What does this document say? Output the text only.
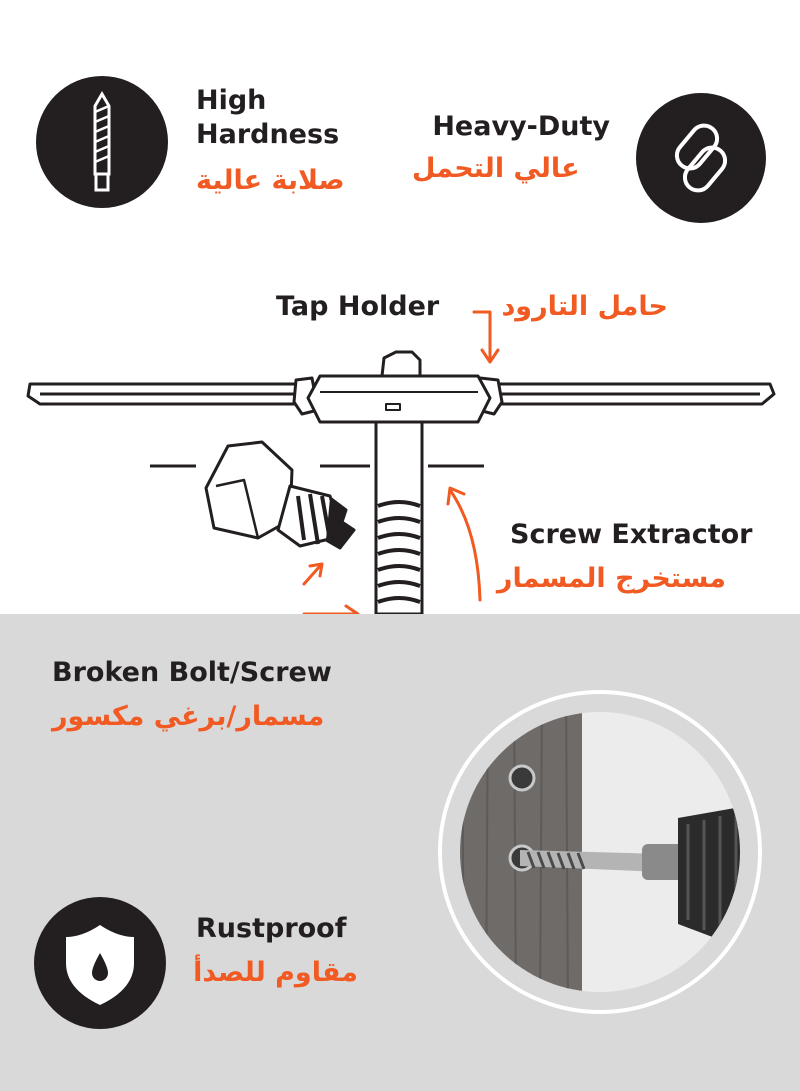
High
Hardness
صلابة عالية
Heavy-Duty
عالي التحمل
Tap Holder حامل التارود
Screw Extractor
مستخرج المسمار
Broken Bolt/Screw
مسمار/برغي مكسور
Rustproof
مقاوم للصدأ
